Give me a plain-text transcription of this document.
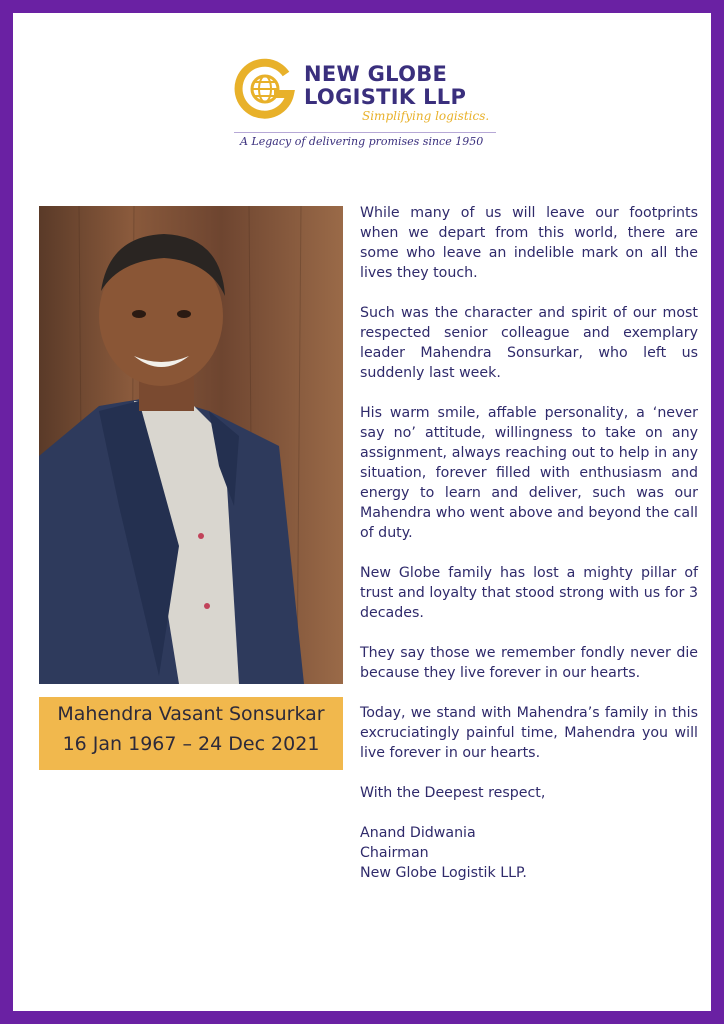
NEW GLOBE
LOGISTIK LLP
Simplifying logistics.
A Legacy of delivering promises since 1950
Mahendra Vasant Sonsurkar
16 Jan 1967 – 24 Dec 2021

While many of us will leave our footprints when we depart from this world, there are some who leave an indelible mark on all the lives they touch.

Such was the character and spirit of our most respected senior colleague and exemplary leader Mahendra Sonsurkar, who left us suddenly last week.

His warm smile, affable personality, a ‘never say no’ attitude, willingness to take on any assignment, always reaching out to help in any situation, forever filled with enthusiasm and energy to learn and deliver, such was our Mahendra who went above and beyond the call of duty.

New Globe family has lost a mighty pillar of trust and loyalty that stood strong with us for 3 decades.

They say those we remember fondly never die because they live forever in our hearts.

Today, we stand with Mahendra’s family in this excruciatingly painful time, Mahendra you will live forever in our hearts.

With the Deepest respect,

Anand Didwania
Chairman
New Globe Logistik LLP.
